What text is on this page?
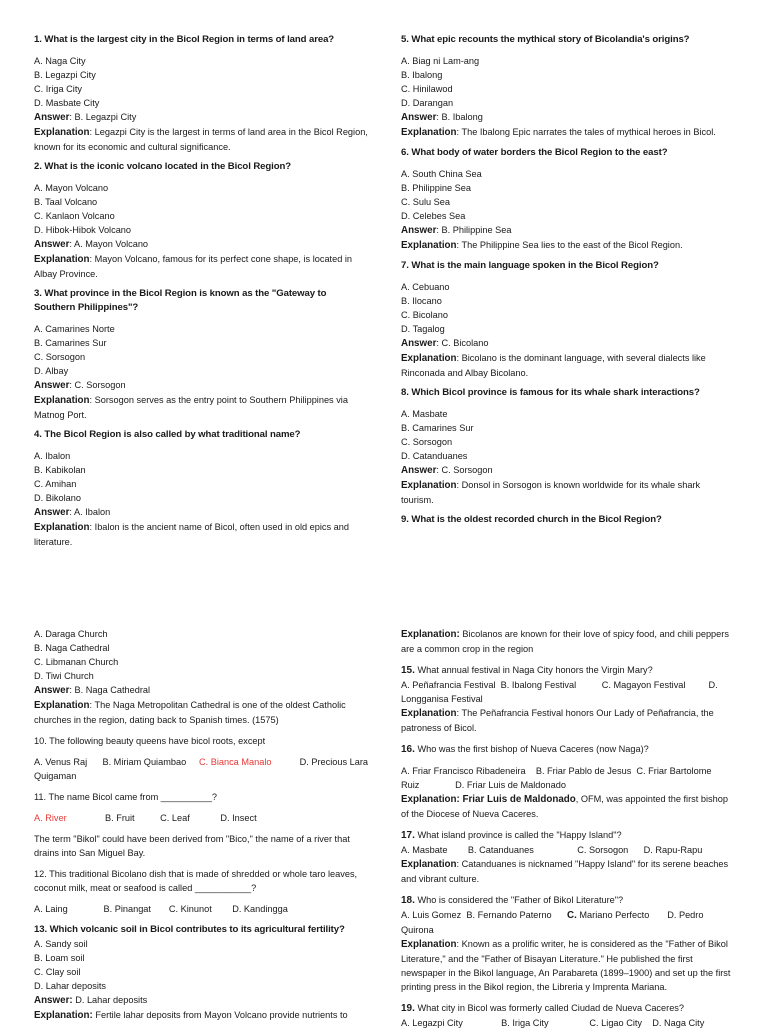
1. What is the largest city in the Bicol Region in terms of land area?

A. Naga City
B. Legazpi City
C. Iriga City
D. Masbate City
Answer: B. Legazpi City
Explanation: Legazpi City is the largest in terms of land area in the Bicol Region, known for its economic and cultural significance.

2. What is the iconic volcano located in the Bicol Region?

A. Mayon Volcano
B. Taal Volcano
C. Kanlaon Volcano
D. Hibok-Hibok Volcano
Answer: A. Mayon Volcano
Explanation: Mayon Volcano, famous for its perfect cone shape, is located in Albay Province.

3. What province in the Bicol Region is known as the "Gateway to Southern Philippines"?

A. Camarines Norte
B. Camarines Sur
C. Sorsogon
D. Albay
Answer: C. Sorsogon
Explanation: Sorsogon serves as the entry point to Southern Philippines via Matnog Port.

4. The Bicol Region is also called by what traditional name?

A. Ibalon
B. Kabikolan
C. Amihan
D. Bikolano
Answer: A. Ibalon
Explanation: Ibalon is the ancient name of Bicol, often used in old epics and literature.

5. What epic recounts the mythical story of Bicolandia's origins?

A. Biag ni Lam-ang
B. Ibalong
C. Hinilawod
D. Darangan
Answer: B. Ibalong
Explanation: The Ibalong Epic narrates the tales of mythical heroes in Bicol.

6. What body of water borders the Bicol Region to the east?

A. South China Sea
B. Philippine Sea
C. Sulu Sea
D. Celebes Sea
Answer: B. Philippine Sea
Explanation: The Philippine Sea lies to the east of the Bicol Region.

7. What is the main language spoken in the Bicol Region?

A. Cebuano
B. Ilocano
C. Bicolano
D. Tagalog
Answer: C. Bicolano
Explanation: Bicolano is the dominant language, with several dialects like Rinconada and Albay Bicolano.

8. Which Bicol province is famous for its whale shark interactions?

A. Masbate
B. Camarines Sur
C. Sorsogon
D. Catanduanes
Answer: C. Sorsogon
Explanation: Donsol in Sorsogon is known worldwide for its whale shark tourism.

9. What is the oldest recorded church in the Bicol Region?

A. Daraga Church
B. Naga Cathedral
C. Libmanan Church
D. Tiwi Church
Answer: B. Naga Cathedral
Explanation: The Naga Metropolitan Cathedral is one of the oldest Catholic churches in the region, dating back to Spanish times. (1575)
10. The following beauty queens have bicol roots, except
A. Venus Raj B. Miriam Quiambao C. Bianca Manalo	D. Precious Lara Quigaman
11. The name Bicol came from __________?
A. River	B. Fruit	C. Leaf	D. Insect
The term "Bikol" could have been derived from "Bico," the name of a river that drains into San Miguel Bay.
12. This traditional Bicolano dish that is made of shredded or whole taro leaves, coconut milk, meat or seafood is called ___________?
A. Laing	B. Pinangat C. Kinunot D. Kandingga

13. Which volcanic soil in Bicol contributes to its agricultural fertility?

A. Sandy soil
B. Loam soil
C. Clay soil
D. Lahar deposits
Answer: D. Lahar deposits
Explanation: Fertile lahar deposits from Mayon Volcano provide nutrients to
Explanation: Bicolanos are known for their love of spicy food, and chili peppers are a common crop in the region
15. What annual festival in Naga City honors the Virgin Mary?
A. Peñafrancia Festival B. Ibalong Festival	C. Magayon Festival D. Longganisa Festival
Explanation: The Peñafrancia Festival honors Our Lady of Peñafrancia, the patroness of Bicol.
16. Who was the first bishop of Nueva Caceres (now Naga)?
A. Friar Francisco Ribadeneira B. Friar Pablo de Jesus C. Friar Bartolome Ruiz	D. Friar Luis de Maldonado
Explanation: Friar Luis de Maldonado, OFM, was appointed the first bishop of the Diocese of Nueva Caceres.
17. What island province is called the "Happy Island"?
A. Masbate B. Catanduanes	C. Sorsogon D. Rapu-Rapu
Explanation: Catanduanes is nicknamed "Happy Island" for its serene beaches and vibrant culture.
18. Who is considered the "Father of Bikol Literature"?
A. Luis Gomez B. Fernando Paterno C. Mariano Perfecto D. Pedro Quirona
Explanation: Known as a prolific writer, he is considered as the "Father of Bikol Literature," and the "Father of Bisayan Literature." He published the first newspaper in the Bikol language, An Parabareta (1899–1900) and set up the first printing press in the Bikol region, the Libreria y Imprenta Mariana.
19. What city in Bicol was formerly called Ciudad de Nueva Caceres?
A. Legazpi City	B. Iriga City	C. Ligao City D. Naga City
